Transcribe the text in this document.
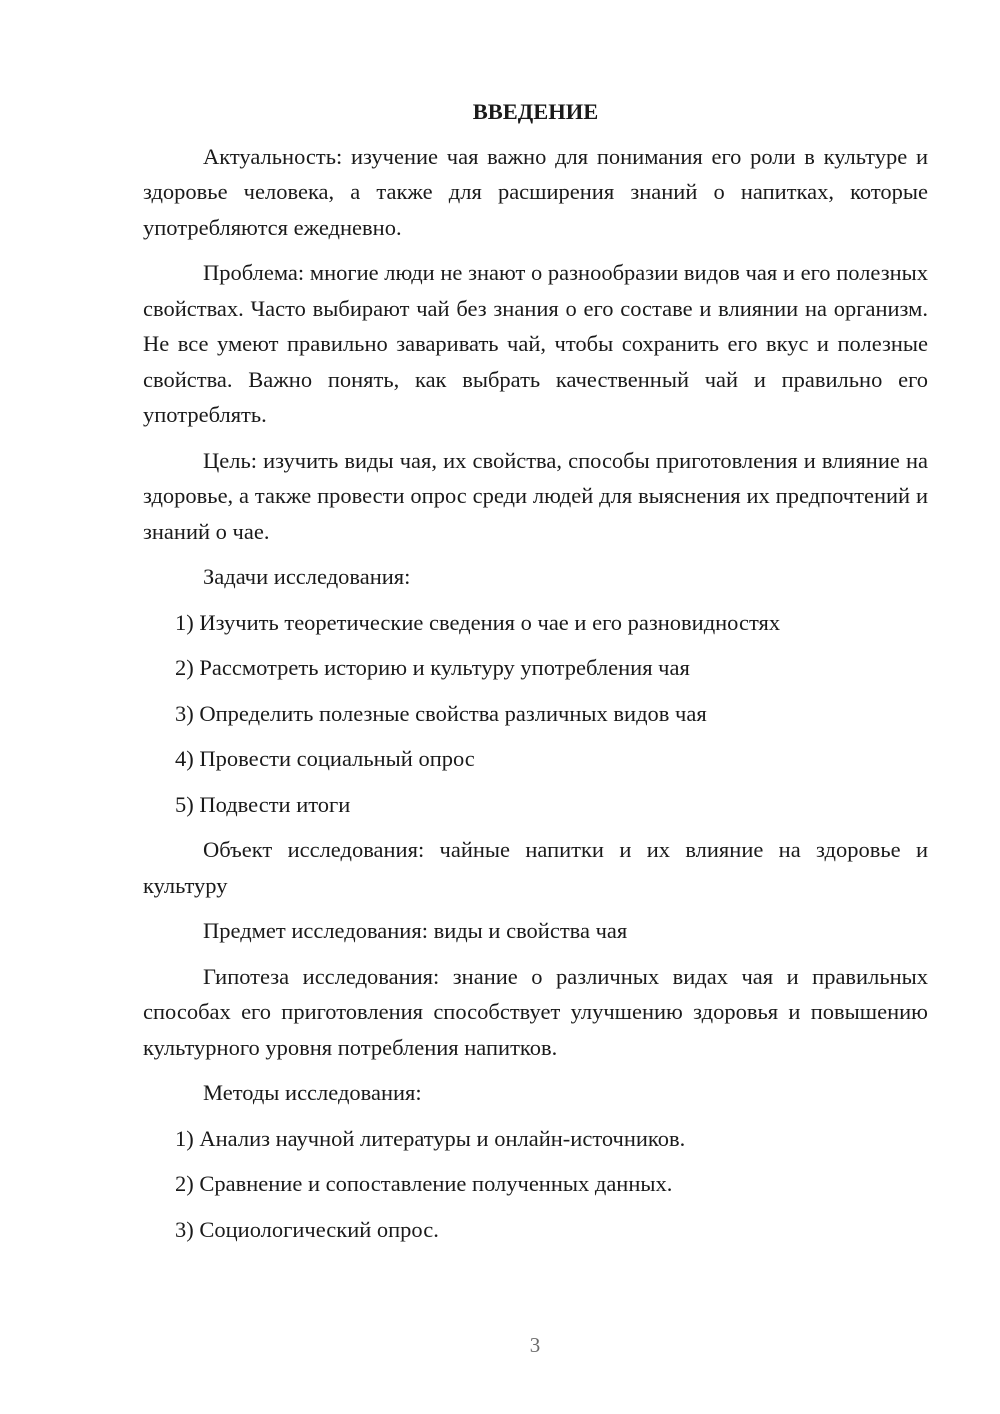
ВВЕДЕНИЕ

Актуальность: изучение чая важно для понимания его роли в культуре и здоровье человека, а также для расширения знаний о напитках, которые употребляются ежедневно.

Проблема: многие люди не знают о разнообразии видов чая и его полезных свойствах. Часто выбирают чай без знания о его составе и влиянии на организм. Не все умеют правильно заваривать чай, чтобы сохранить его вкус и полезные свойства. Важно понять, как выбрать качественный чай и правильно его употреблять.

Цель: изучить виды чая, их свойства, способы приготовления и влияние на здоровье, а также провести опрос среди людей для выяснения их предпочтений и знаний о чае.

Задачи исследования:
1) Изучить теоретические сведения о чае и его разновидностях
2) Рассмотреть историю и культуру употребления чая
3) Определить полезные свойства различных видов чая
4) Провести социальный опрос
5) Подвести итоги

Объект исследования: чайные напитки и их влияние на здоровье и культуру

Предмет исследования: виды и свойства чая

Гипотеза исследования: знание о различных видах чая и правильных способах его приготовления способствует улучшению здоровья и повышению культурного уровня потребления напитков.

Методы исследования:
1) Анализ научной литературы и онлайн-источников.
2) Сравнение и сопоставление полученных данных.
3) Социологический опрос.
3
